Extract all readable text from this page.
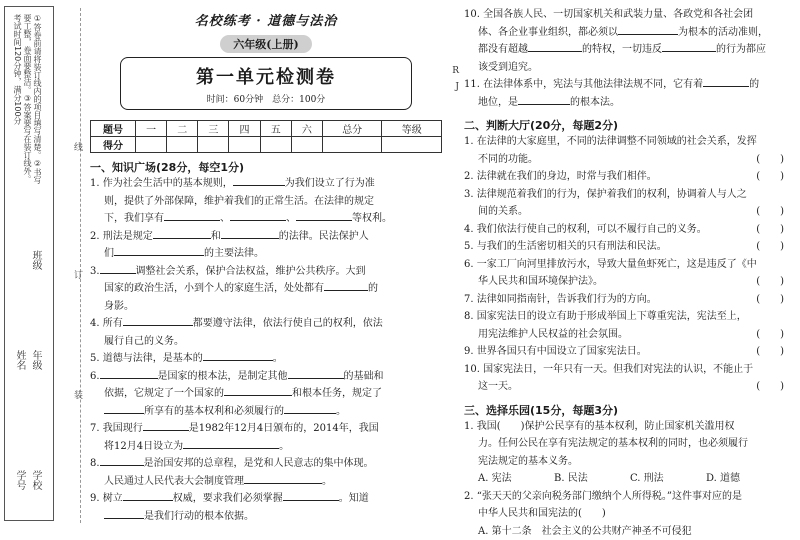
①答卷前请将装订线内的项目填写清楚。②书写要工整，卷面要整洁。③答案要写在装订线外。考试时间120分钟，满分100分
学校
学号
年级
姓名
班级
线
订
装
名校练考 · 道德与法治
六年级(上册)
第一单元检测卷
时间：60分钟　总分：100分
R
J
题号	一	二	三	四	五	六	总分	等级
得分								
一、知识广场(28分，每空1分)
1. 作为社会生活中的基本规则，	为我们设立了行为准
则，提供了外部保障，维护着我们的正常生活。在法律的规定
下，我们享有	、	、	等权利。
2. 刑法是规定	和	的法律。民法保护人
们	的主要法律。
3.	调整社会关系，保护合法权益，维护公共秩序。大到
国家的政治生活，小到个人的家庭生活，处处都有	的
身影。
4. 所有	都要遵守法律，依法行使自己的权利，依法
履行自己的义务。
5. 道德与法律，是基本的	。
6.	是国家的根本法，是制定其他	的基础和
依据，它规定了一个国家的	和根本任务，规定了
所享有的基本权利和必须履行的	。
7. 我国现行	是1982年12月4日颁布的，2014年，我国
将12月4日设立为	。
8.	是治国安邦的总章程，是党和人民意志的集中体现。
人民通过人民代表大会制度管理	。
9. 树立	权威，要求我们必须掌握	。知道
是我们行动的根本依据。
10. 全国各族人民、一切国家机关和武装力量、各政党和各社会团
体、各企业事业组织，都必须以	为根本的活动准则，
都没有超越	的特权，一切违反	的行为都应
该受到追究。
11. 在法律体系中，宪法与其他法律法规不同，它有着	的
地位，是	的根本法。
二、判断大厅(20分，每题2分)
1. 在法律的大家庭里，不同的法律调整不同领域的社会关系，发挥
不同的功能。	(　　)
2. 法律就在我们的身边，时常与我们相伴。	(　　)
3. 法律规范着我们的行为，保护着我们的权利，协调着人与人之
间的关系。	(　　)
4. 我们依法行使自己的权利，可以不履行自己的义务。	(　　)
5. 与我们的生活密切相关的只有刑法和民法。	(　　)
6. 一家工厂向河里排放污水，导致大量鱼虾死亡，这是违反了《中
华人民共和国环境保护法》。	(　　)
7. 法律如同指南针，告诉我们行为的方向。	(　　)
8. 国家宪法日的设立有助于形成举国上下尊重宪法，宪法至上，
用宪法维护人民权益的社会氛围。	(　　)
9. 世界各国只有中国设立了国家宪法日。	(　　)
10. 国家宪法日，一年只有一天。但我们对宪法的认识，不能止于
这一天。	(　　)
三、选择乐园(15分，每题3分)
1. 我国(　　)保护公民享有的基本权利，防止国家机关滥用权
力。任何公民在享有宪法规定的基本权利的同时，也必须履行
宪法规定的基本义务。
A. 宪法	B. 民法	C. 刑法	D. 道德
2. “张天天的父亲向税务部门缴纳个人所得税。”这件事对应的是
中华人民共和国宪法的(　　)
A. 第十二条　社会主义的公共财产神圣不可侵犯
